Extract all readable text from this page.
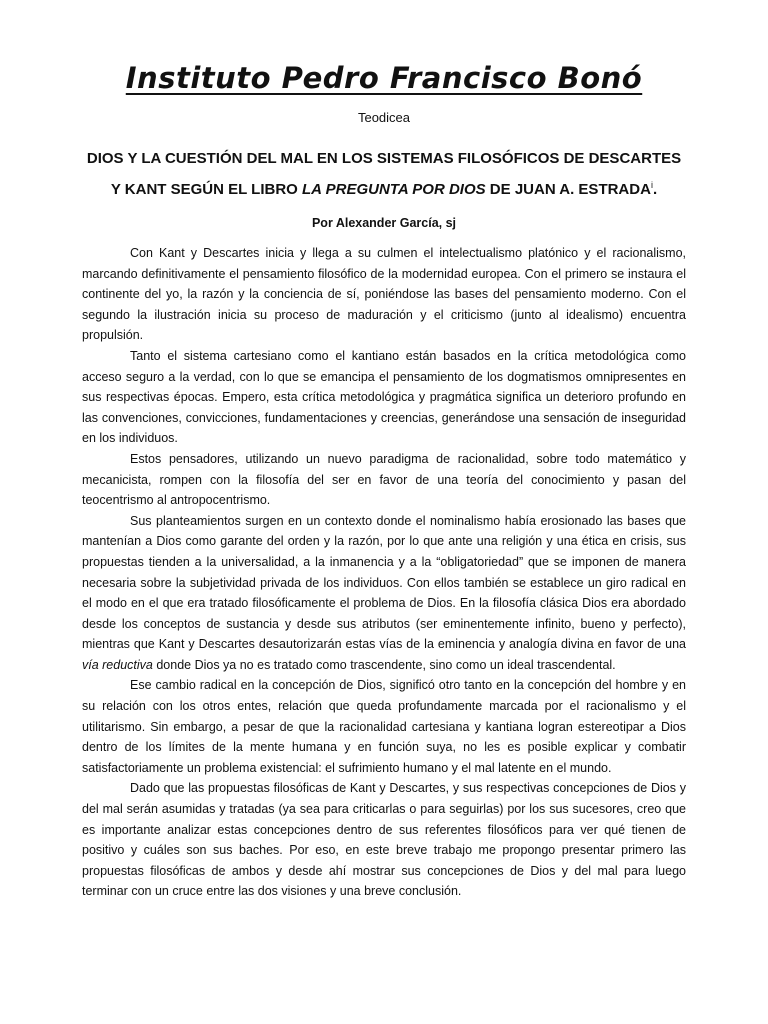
Instituto Pedro Francisco Bonó
Teodicea
DIOS Y LA CUESTIÓN DEL MAL EN LOS SISTEMAS FILOSÓFICOS DE DESCARTES Y KANT SEGÚN EL LIBRO LA PREGUNTA POR DIOS DE JUAN A. ESTRADA$^i$.
Por Alexander García, sj

Con Kant y Descartes inicia y llega a su culmen el intelectualismo platónico y el racionalismo, marcando definitivamente el pensamiento filosófico de la modernidad europea. Con el primero se instaura el continente del yo, la razón y la conciencia de sí, poniéndose las bases del pensamiento moderno. Con el segundo la ilustración inicia su proceso de maduración y el criticismo (junto al idealismo) encuentra propulsión.

Tanto el sistema cartesiano como el kantiano están basados en la crítica metodológica como acceso seguro a la verdad, con lo que se emancipa el pensamiento de los dogmatismos omnipresentes en sus respectivas épocas. Empero, esta crítica metodológica y pragmática significa un deterioro profundo en las convenciones, convicciones, fundamentaciones y creencias, generándose una sensación de inseguridad en los individuos.

Estos pensadores, utilizando un nuevo paradigma de racionalidad, sobre todo matemático y mecanicista, rompen con la filosofía del ser en favor de una teoría del conocimiento y pasan del teocentrismo al antropocentrismo.

Sus planteamientos surgen en un contexto donde el nominalismo había erosionado las bases que mantenían a Dios como garante del orden y la razón, por lo que ante una religión y una ética en crisis, sus propuestas tienden a la universalidad, a la inmanencia y a la “obligatoriedad” que se imponen de manera necesaria sobre la subjetividad privada de los individuos. Con ellos también se establece un giro radical en el modo en el que era tratado filosóficamente el problema de Dios. En la filosofía clásica Dios era abordado desde los conceptos de sustancia y desde sus atributos (ser eminentemente infinito, bueno y perfecto), mientras que Kant y Descartes desautorizarán estas vías de la eminencia y analogía divina en favor de una vía reductiva donde Dios ya no es tratado como trascendente, sino como un ideal trascendental.

Ese cambio radical en la concepción de Dios, significó otro tanto en la concepción del hombre y en su relación con los otros entes, relación que queda profundamente marcada por el racionalismo y el utilitarismo. Sin embargo, a pesar de que la racionalidad cartesiana y kantiana logran estereotipar a Dios dentro de los límites de la mente humana y en función suya, no les es posible explicar y combatir satisfactoriamente un problema existencial: el sufrimiento humano y el mal latente en el mundo.

Dado que las propuestas filosóficas de Kant y Descartes, y sus respectivas concepciones de Dios y del mal serán asumidas y tratadas (ya sea para criticarlas o para seguirlas) por los sus sucesores, creo que es importante analizar estas concepciones dentro de sus referentes filosóficos para ver qué tienen de positivo y cuáles son sus baches. Por eso, en este breve trabajo me propongo presentar primero las propuestas filosóficas de ambos y desde ahí mostrar sus concepciones de Dios y del mal para luego terminar con un cruce entre las dos visiones y una breve conclusión.
